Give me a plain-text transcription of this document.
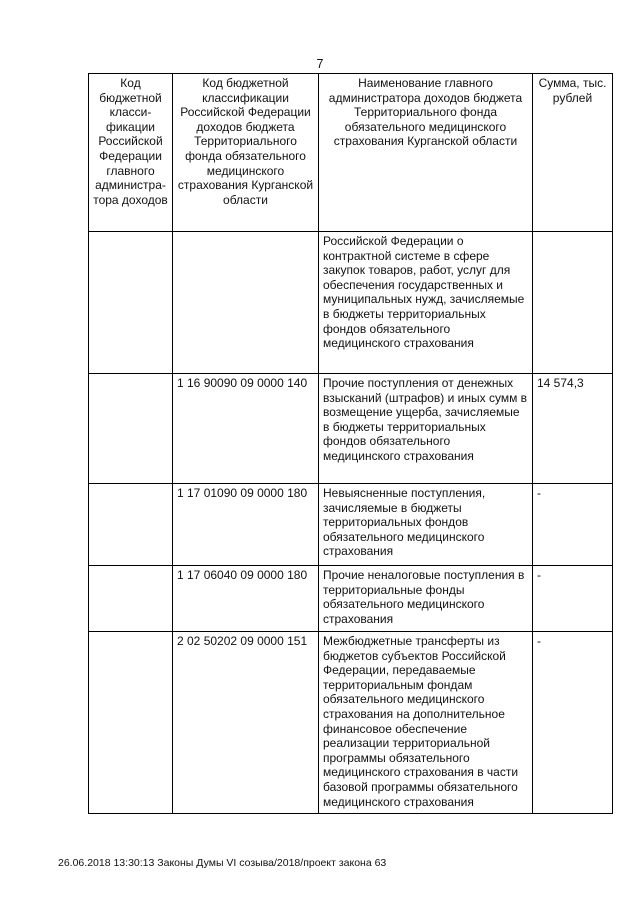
7
Код бюджетной класси-фикации Российской Федерации главного администра-тора доходов	Код бюджетной классификации Российской Федерации доходов бюджета Территориального фонда обязательного медицинского страхования Курганской области	Наименование главного администратора доходов бюджета Территориального фонда обязательного медицинского страхования Курганской области	Сумма, тыс. рублей
		Российской Федерации о контрактной системе в сфере закупок товаров, работ, услуг для обеспечения государственных и муниципальных нужд, зачисляемые в бюджеты территориальных фондов обязательного медицинского страхования	
	1 16 90090 09 0000 140	Прочие поступления от денежных взысканий (штрафов) и иных сумм в возмещение ущерба, зачисляемые в бюджеты территориальных фондов обязательного медицинского страхования	14 574,3
	1 17 01090 09 0000 180	Невыясненные поступления, зачисляемые в бюджеты территориальных фондов обязательного медицинского страхования	-
	1 17 06040 09 0000 180	Прочие неналоговые поступления в территориальные фонды обязательного медицинского страхования	-
	2 02 50202 09 0000 151	Межбюджетные трансферты из бюджетов субъектов Российской Федерации, передаваемые территориальным фондам обязательного медицинского страхования на дополнительное финансовое обеспечение реализации территориальной программы обязательного медицинского страхования в части базовой программы обязательного медицинского страхования	-
26.06.2018 13:30:13 Законы Думы VI созыва/2018/проект закона 63
